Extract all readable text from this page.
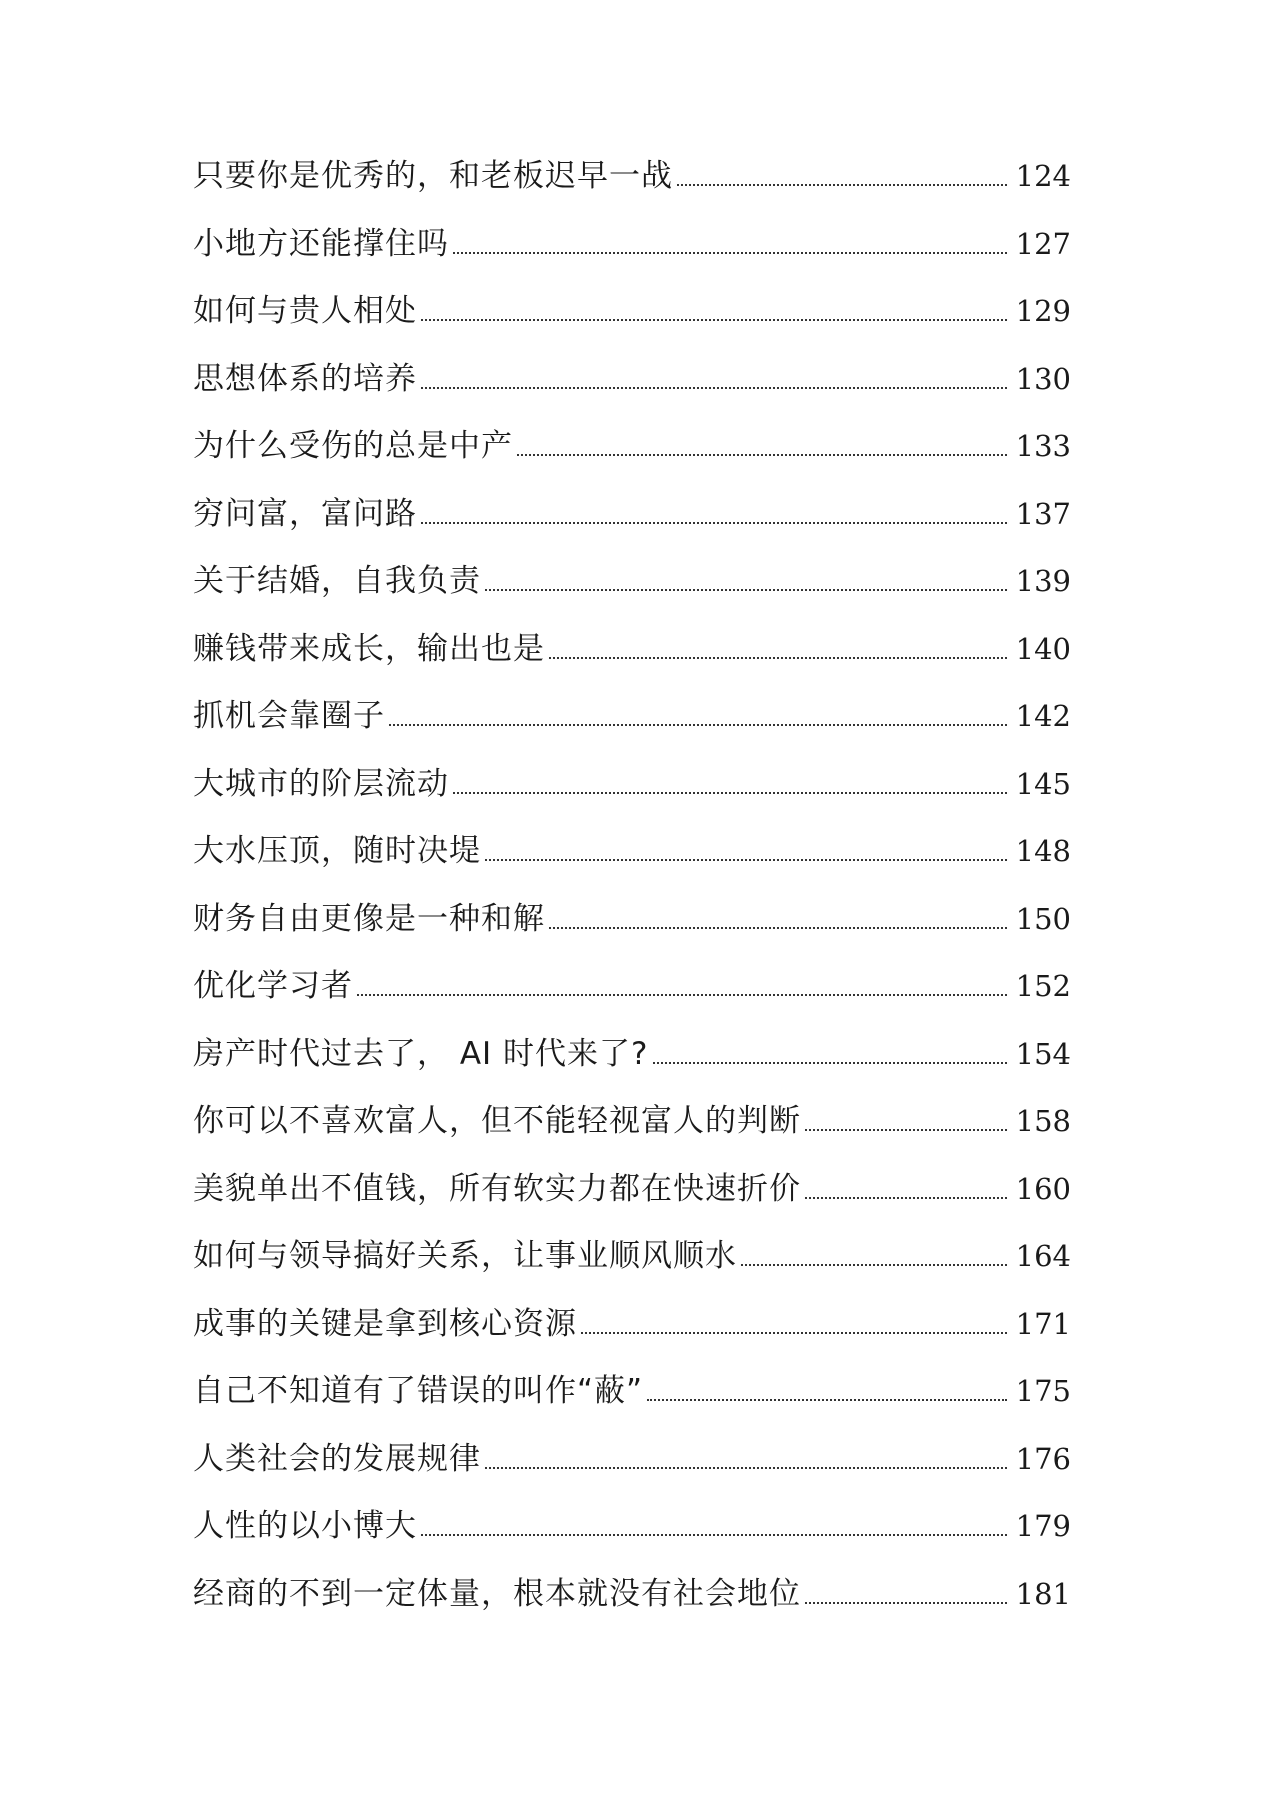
只要你是优秀的，和老板迟早一战	124
小地方还能撑住吗	127
如何与贵人相处	129
思想体系的培养	130
为什么受伤的总是中产	133
穷问富，富问路	137
关于结婚，自我负责	139
赚钱带来成长，输出也是	140
抓机会靠圈子	142
大城市的阶层流动	145
大水压顶，随时决堤	148
财务自由更像是一种和解	150
优化学习者	152
房产时代过去了， AI 时代来了?	154
你可以不喜欢富人，但不能轻视富人的判断	158
美貌单出不值钱，所有软实力都在快速折价	160
如何与领导搞好关系，让事业顺风顺水	164
成事的关键是拿到核心资源	171
自己不知道有了错误的叫作“蔽”	175
人类社会的发展规律	176
人性的以小博大	179
经商的不到一定体量，根本就没有社会地位	181
